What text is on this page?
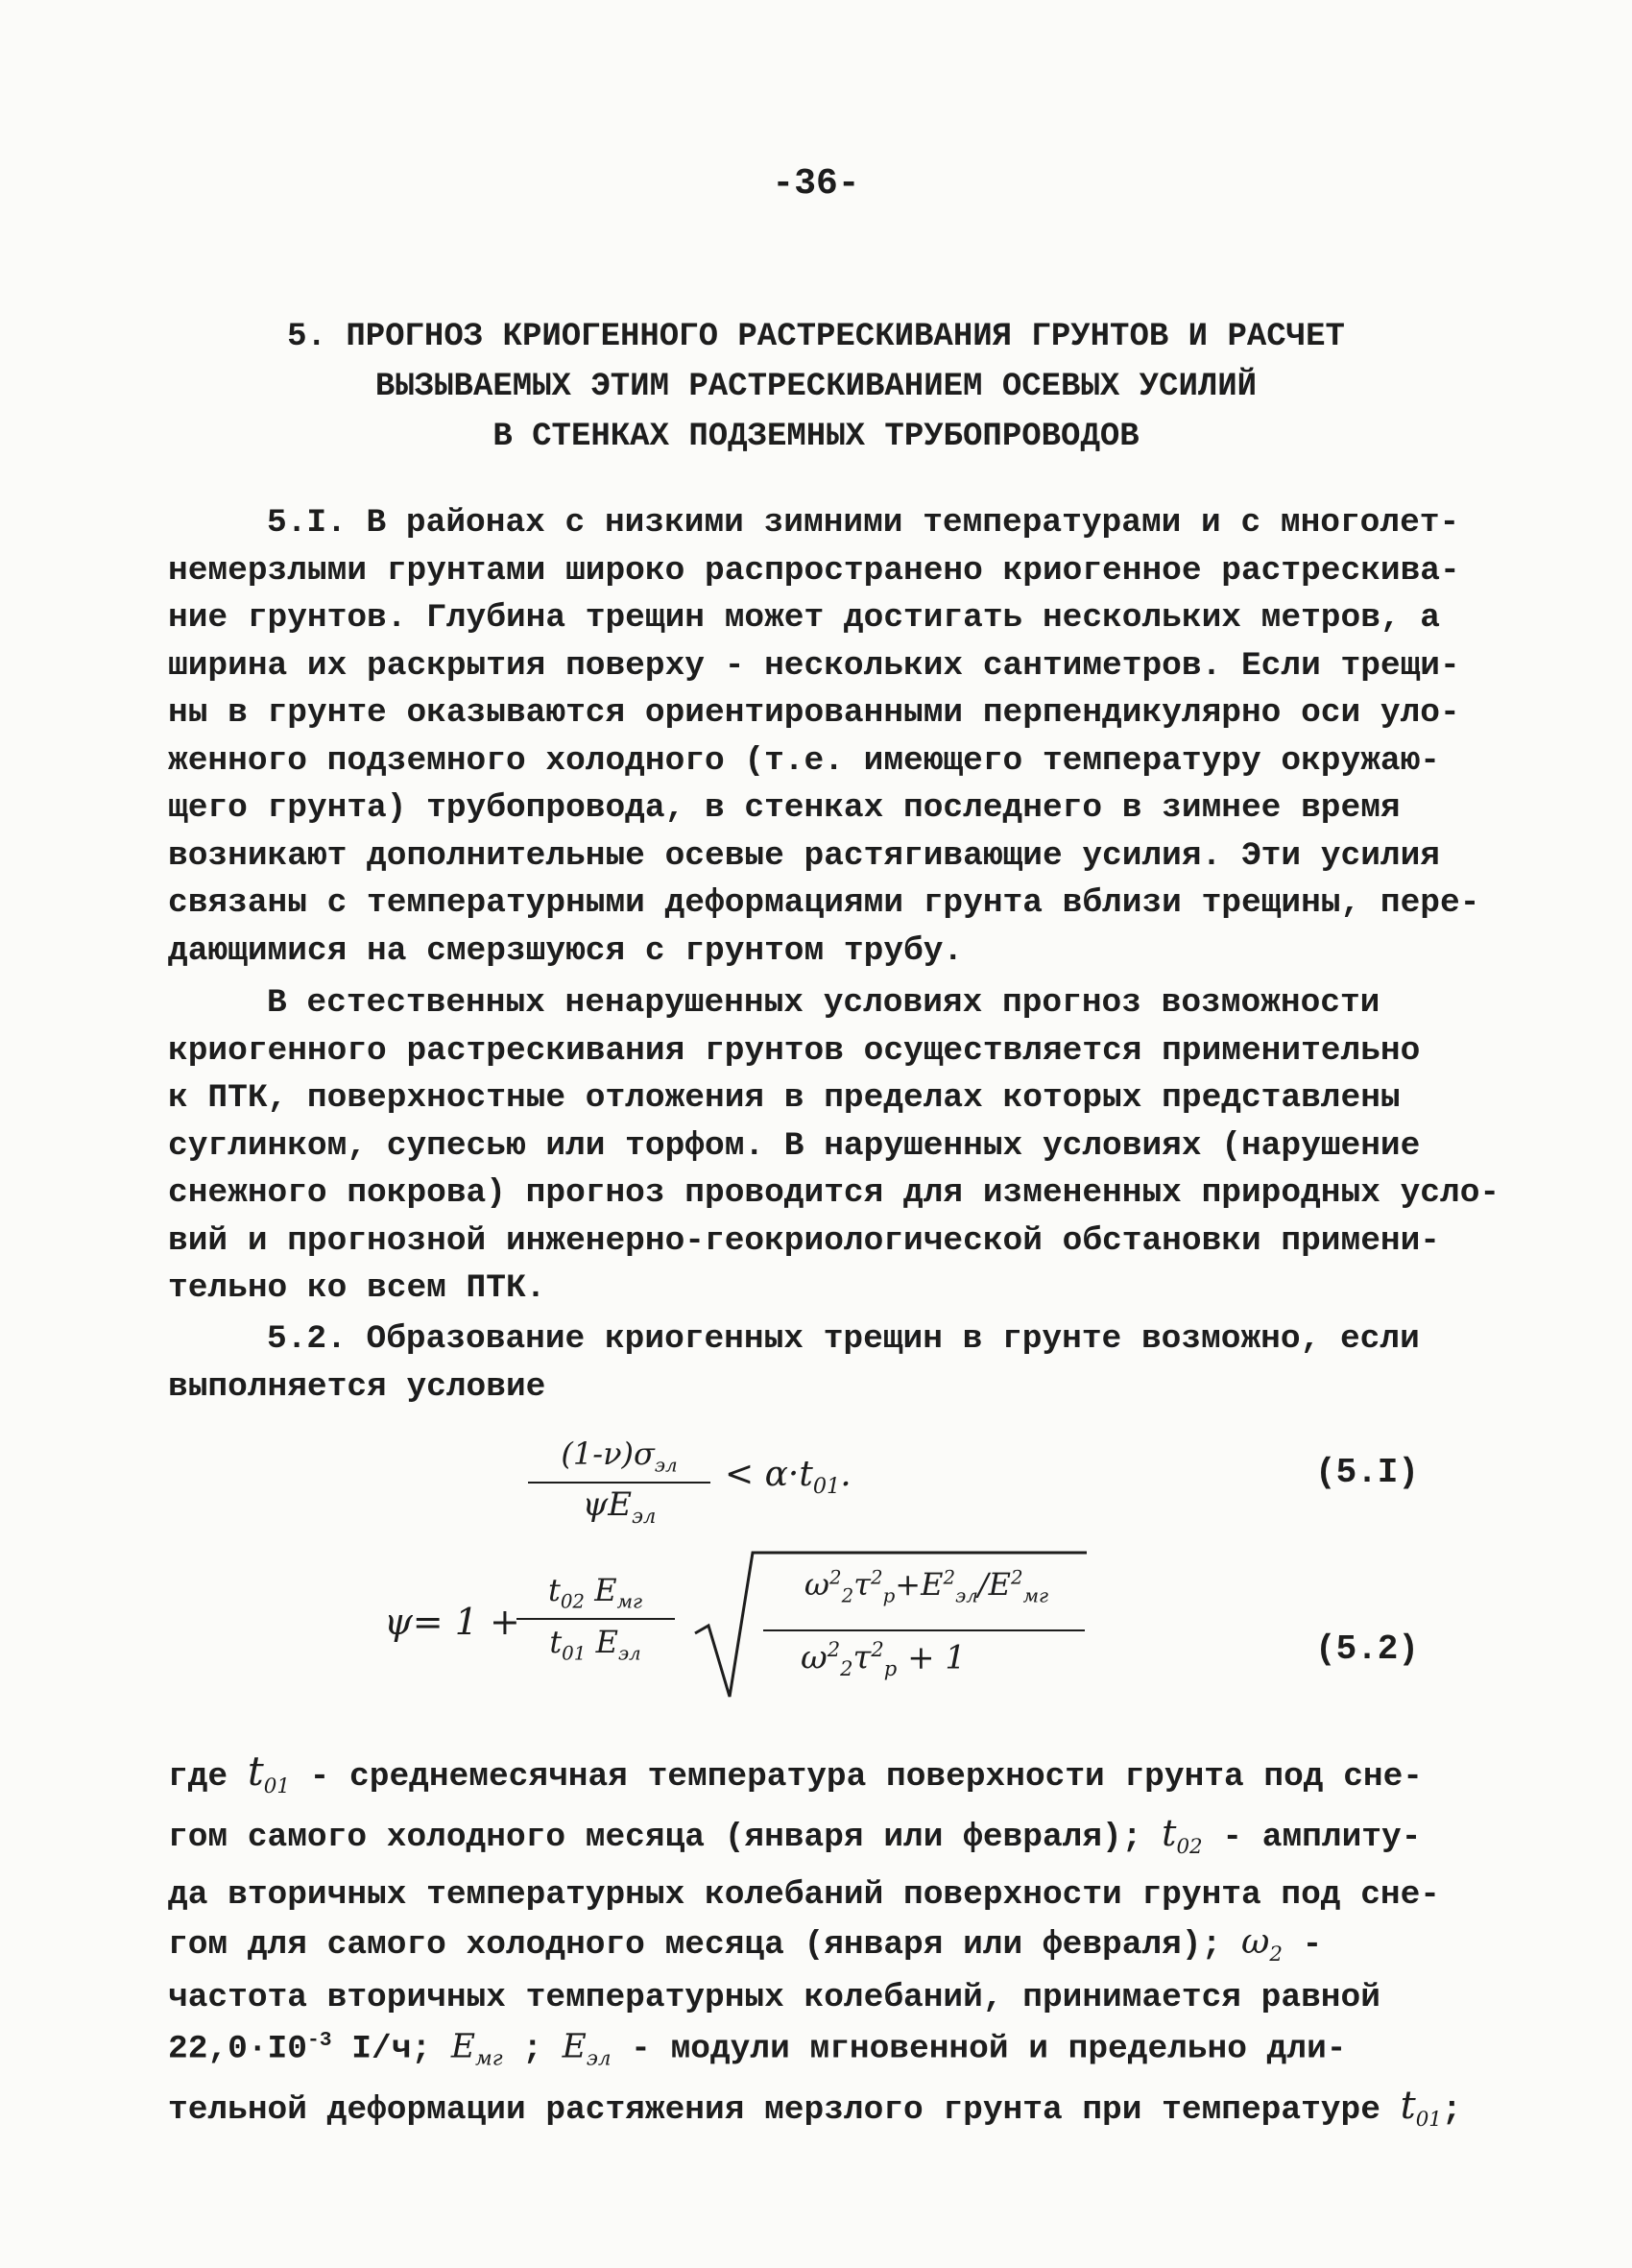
-36-
5. ПРОГНОЗ КРИОГЕННОГО РАСТРЕСКИВАНИЯ ГРУНТОВ И РАСЧЕТ
ВЫЗЫВАЕМЫХ ЭТИМ РАСТРЕСКИВАНИЕМ ОСЕВЫХ УСИЛИЙ
В СТЕНКАХ ПОДЗЕМНЫХ ТРУБОПРОВОДОВ
5.I. В районах с низкими зимними температурами и с многолет-
немерзлыми грунтами широко распространено криогенное растрескива-
ние грунтов. Глубина трещин может достигать нескольких метров, а
ширина их раскрытия поверху - нескольких сантиметров. Если трещи-
ны в грунте оказываются ориентированными перпендикулярно оси уло-
женного подземного холодного (т.е. имеющего температуру окружаю-
щего грунта) трубопровода, в стенках последнего в зимнее время
возникают дополнительные осевые растягивающие усилия. Эти усилия
связаны с температурными деформациями грунта вблизи трещины, пере-
дающимися на смерзшуюся с грунтом трубу.
В естественных ненарушенных условиях прогноз возможности
криогенного растрескивания грунтов осуществляется применительно
к ПТК, поверхностные отложения в пределах которых представлены
суглинком, супесью или торфом. В нарушенных условиях (нарушение
снежного покрова) прогноз проводится для измененных природных усло-
вий и прогнозной инженерно-геокриологической обстановки примени-
тельно ко всем ПТК.
5.2. Образование криогенных трещин в грунте возможно, если
выполняется условие
$(1-\nu)\sigma_{эл}$
$\psi E_{эл}$
< $\alpha\cdot t_{01}$.	(5.I)
ψ= 1 +
$t_{02}$ $E_{мг}$
$t_{01}$ $E_{эл}$
$\omega^2_2\tau^2_р+E^2_{эл}/E^2_{мг}$
$\omega^2_2\tau^2_р + 1$	(5.2)
где $t_{01}$ - среднемесячная температура поверхности грунта под сне-
гом самого холодного месяца (января или февраля); $t_{02}$ - амплиту-
да вторичных температурных колебаний поверхности грунта под сне-
гом для самого холодного месяца (января или февраля); $\omega_2$ -
частота вторичных температурных колебаний, принимается равной
$22,0\cdot I0^{-3}$ I/ч; $E_{мг}$ ; $E_{эл}$ - модули мгновенной и предельно дли-
тельной деформации растяжения мерзлого грунта при температуре $t_{01}$;
